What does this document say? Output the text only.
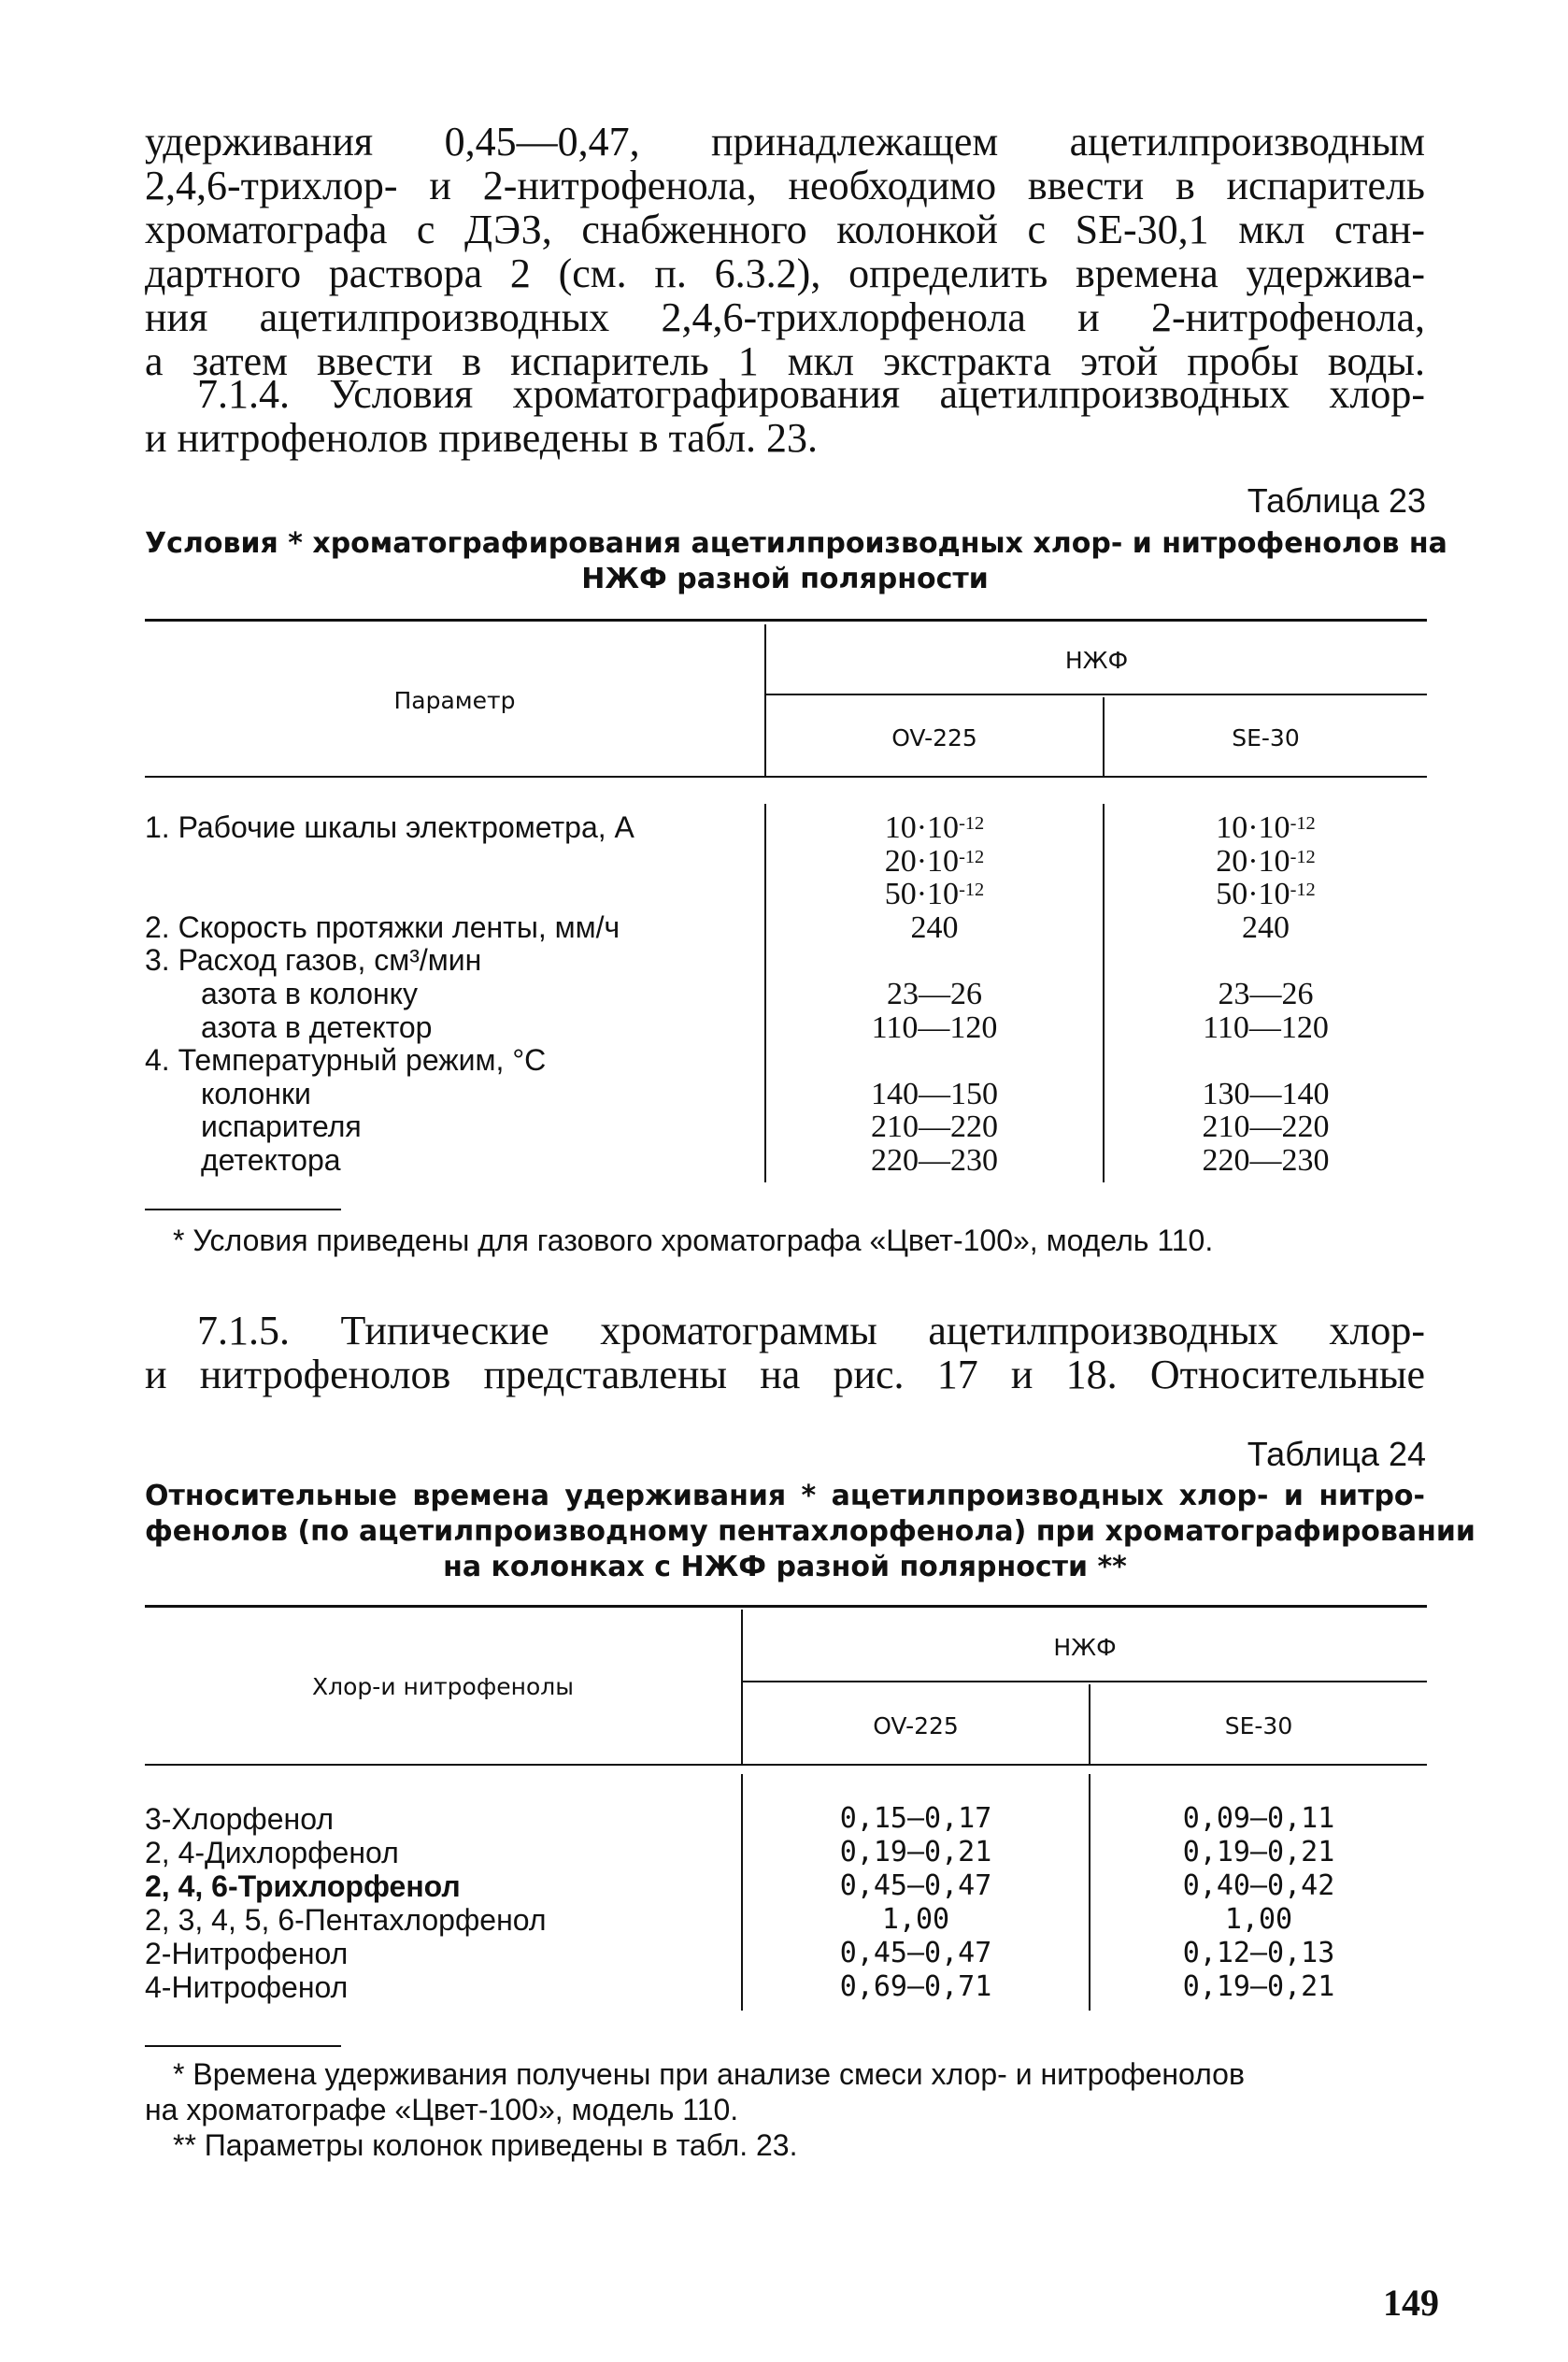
удерживания 0,45—0,47, принадлежащем ацетилпроизводным
2,4,6-трихлор- и 2-нитрофенола, необходимо ввести в испаритель
хроматографа с ДЭЗ, снабженного колонкой с SE-30,1 мкл стан-
дартного раствора 2 (см. п. 6.3.2), определить времена удержива-
ния ацетилпроизводных 2,4,6-трихлорфенола и 2-нитрофенола,
а затем ввести в испаритель 1 мкл экстракта этой пробы воды.
7.1.4. Условия хроматографирования ацетилпроизводных хлор-
и нитрофенолов приведены в табл. 23.
Таблица 23
Условия * хроматографирования ацетилпроизводных хлор- и нитрофенолов на
НЖФ разной полярности
Параметр
НЖФ
OV-225	SE-30
1. Рабочие шкалы электрометра, А
2. Скорость протяжки ленты, мм/ч
3. Расход газов, см³/мин
азота в колонку
азота в детектор
4. Температурный режим, °С
колонки
испарителя
детектора
$10\cdot 10^{-12}$
$20\cdot 10^{-12}$
$50\cdot 10^{-12}$
240
23—26
110—120
140—150
210—220
220—230
$10\cdot 10^{-12}$
$20\cdot 10^{-12}$
$50\cdot 10^{-12}$
240
23—26
110—120
130—140
210—220
220—230
* Условия приведены для газового хроматографа «Цвет-100», модель 110.
7.1.5. Типические хроматограммы ацетилпроизводных хлор-
и нитрофенолов представлены на рис. 17 и 18. Относительные
Таблица 24
Относительные времена удерживания * ацетилпроизводных хлор- и нитро-
фенолов (по ацетилпроизводному пентахлорфенола) при хроматографировании
на колонках с НЖФ разной полярности **
Хлор-и нитрофенолы
НЖФ
OV-225	SE-30
3-Хлорфенол
2, 4-Дихлорфенол
2, 4, 6-Трихлорфенол
2, 3, 4, 5, 6-Пентахлорфенол
2-Нитрофенол
4-Нитрофенол
0,15—0,17
0,19—0,21
0,45—0,47
1,00
0,45—0,47
0,69—0,71
0,09—0,11
0,19—0,21
0,40—0,42
1,00
0,12—0,13
0,19—0,21
* Времена удерживания получены при анализе смеси хлор- и нитрофенолов
на хроматографе «Цвет-100», модель 110.
** Параметры колонок приведены в табл. 23.
149
